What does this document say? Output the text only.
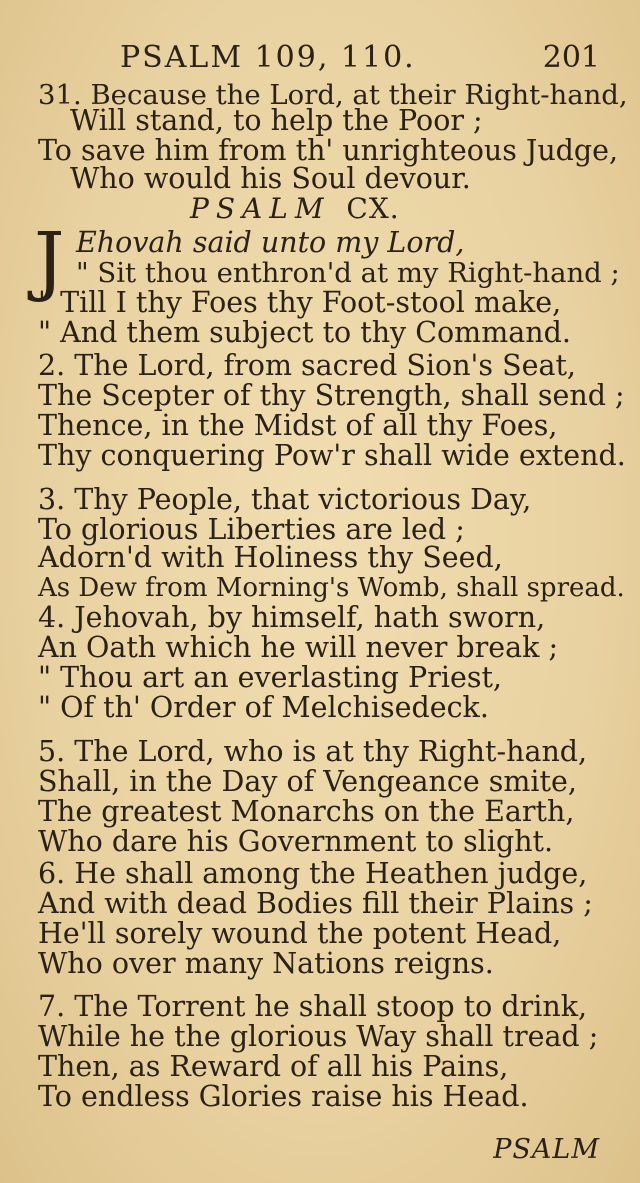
PSALM 109, 110.	201
31. Because the Lord, at their Right-hand,
Will stand, to help the Poor ;
To save him from th' unrighteous Judge,
Who would his Soul devour.
PSALM CX.
J Ehovah said unto my Lord,
" Sit thou enthron'd at my Right-hand ;
" Till I thy Foes thy Foot-stool make,
" And them subject to thy Command.
2. The Lord, from sacred Sion's Seat,
The Scepter of thy Strength, shall send ;
Thence, in the Midst of all thy Foes,
Thy conquering Pow'r shall wide extend.
3. Thy People, that victorious Day,
To glorious Liberties are led ;
Adorn'd with Holiness thy Seed,
As Dew from Morning's Womb, shall spread.
4. Jehovah, by himself, hath sworn,
An Oath which he will never break ;
" Thou art an everlasting Priest,
" Of th' Order of Melchisedeck.
5. The Lord, who is at thy Right-hand,
Shall, in the Day of Vengeance smite,
The greatest Monarchs on the Earth,
Who dare his Government to slight.
6. He shall among the Heathen judge,
And with dead Bodies fill their Plains ;
He'll sorely wound the potent Head,
Who over many Nations reigns.
7. The Torrent he shall stoop to drink,
While he the glorious Way shall tread ;
Then, as Reward of all his Pains,
To endless Glories raise his Head.
PSALM
